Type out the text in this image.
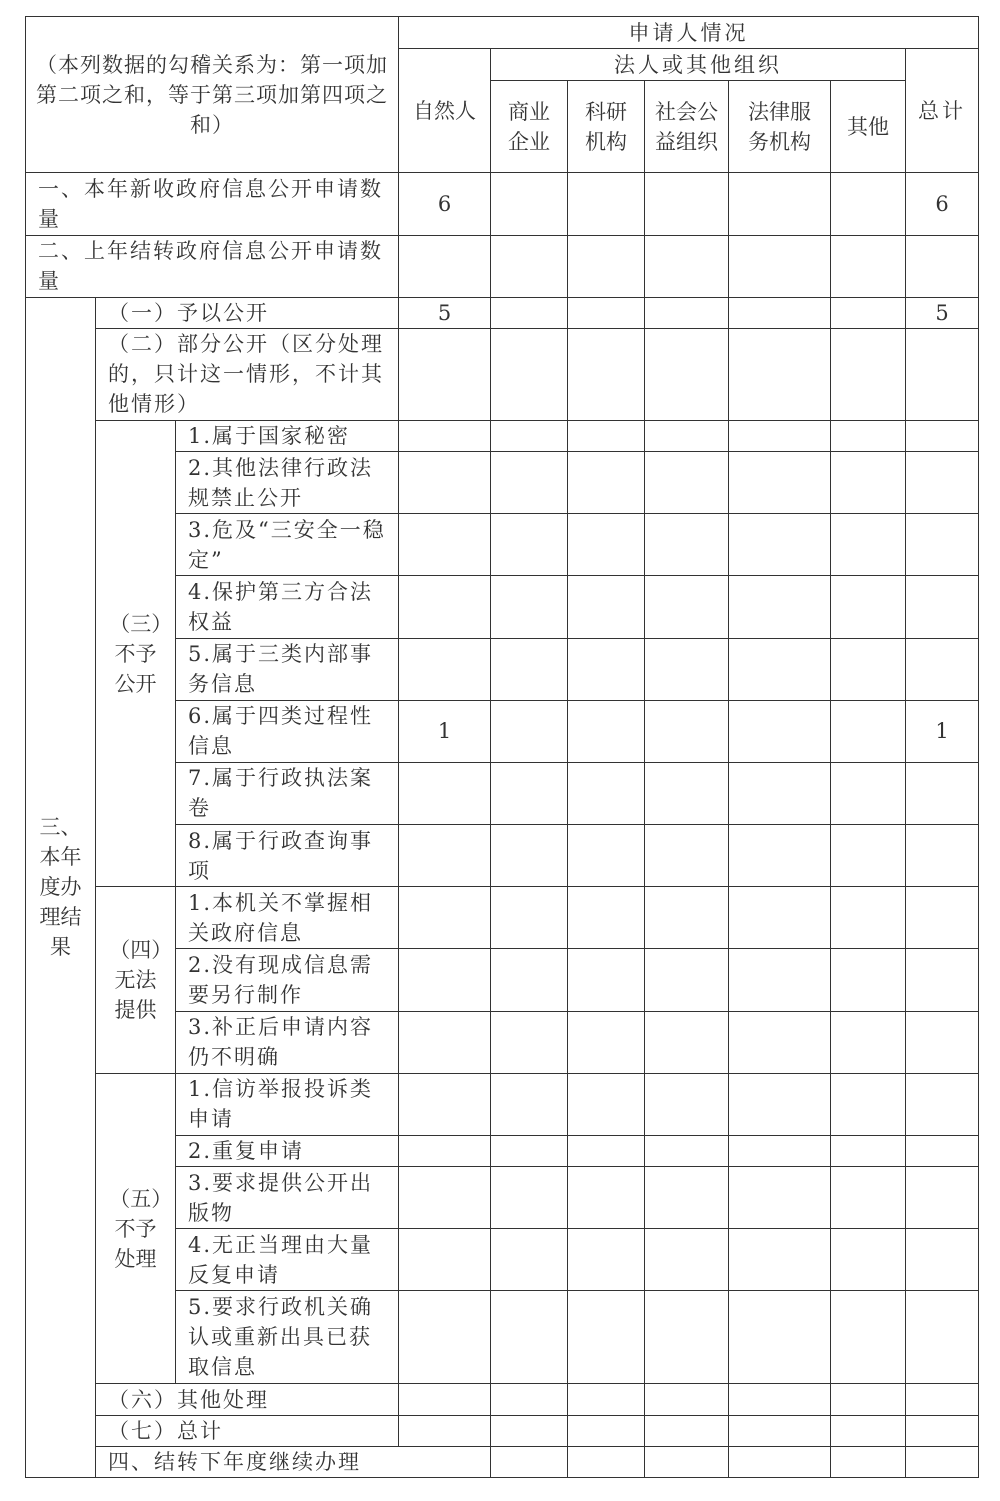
（本列数据的勾稽关系为：第一项加第二项之和，等于第三项加第四项之和）			申请人情况							
			自然人	法人或其他组织					总计	
				商业企业	科研机构	社会公益组织	法律服务机构	其他		
一、本年新收政府信息公开申请数量			6						6	
二、上年结转政府信息公开申请数量										
三、本年度办理结果	（一）予以公开		5						5	
	（二）部分公开（区分处理的，只计这一情形，不计其他情形）									
	（三）不予公开	1.属于国家秘密								
		2.其他法律行政法规禁止公开								
		3.危及“三安全一稳定”								
		4.保护第三方合法权益								
		5.属于三类内部事务信息								
		6.属于四类过程性信息	1						1	
		7.属于行政执法案卷								
		8.属于行政查询事项								
	（四）无法提供	1.本机关不掌握相关政府信息								
		2.没有现成信息需要另行制作								
		3.补正后申请内容仍不明确								
	（五）不予处理	1.信访举报投诉类申请								
		2.重复申请								
		3.要求提供公开出版物								
		4.无正当理由大量反复申请								
		5.要求行政机关确认或重新出具已获取信息								
	（六）其他处理									
	（七）总计									
	四、结转下年度继续办理									
